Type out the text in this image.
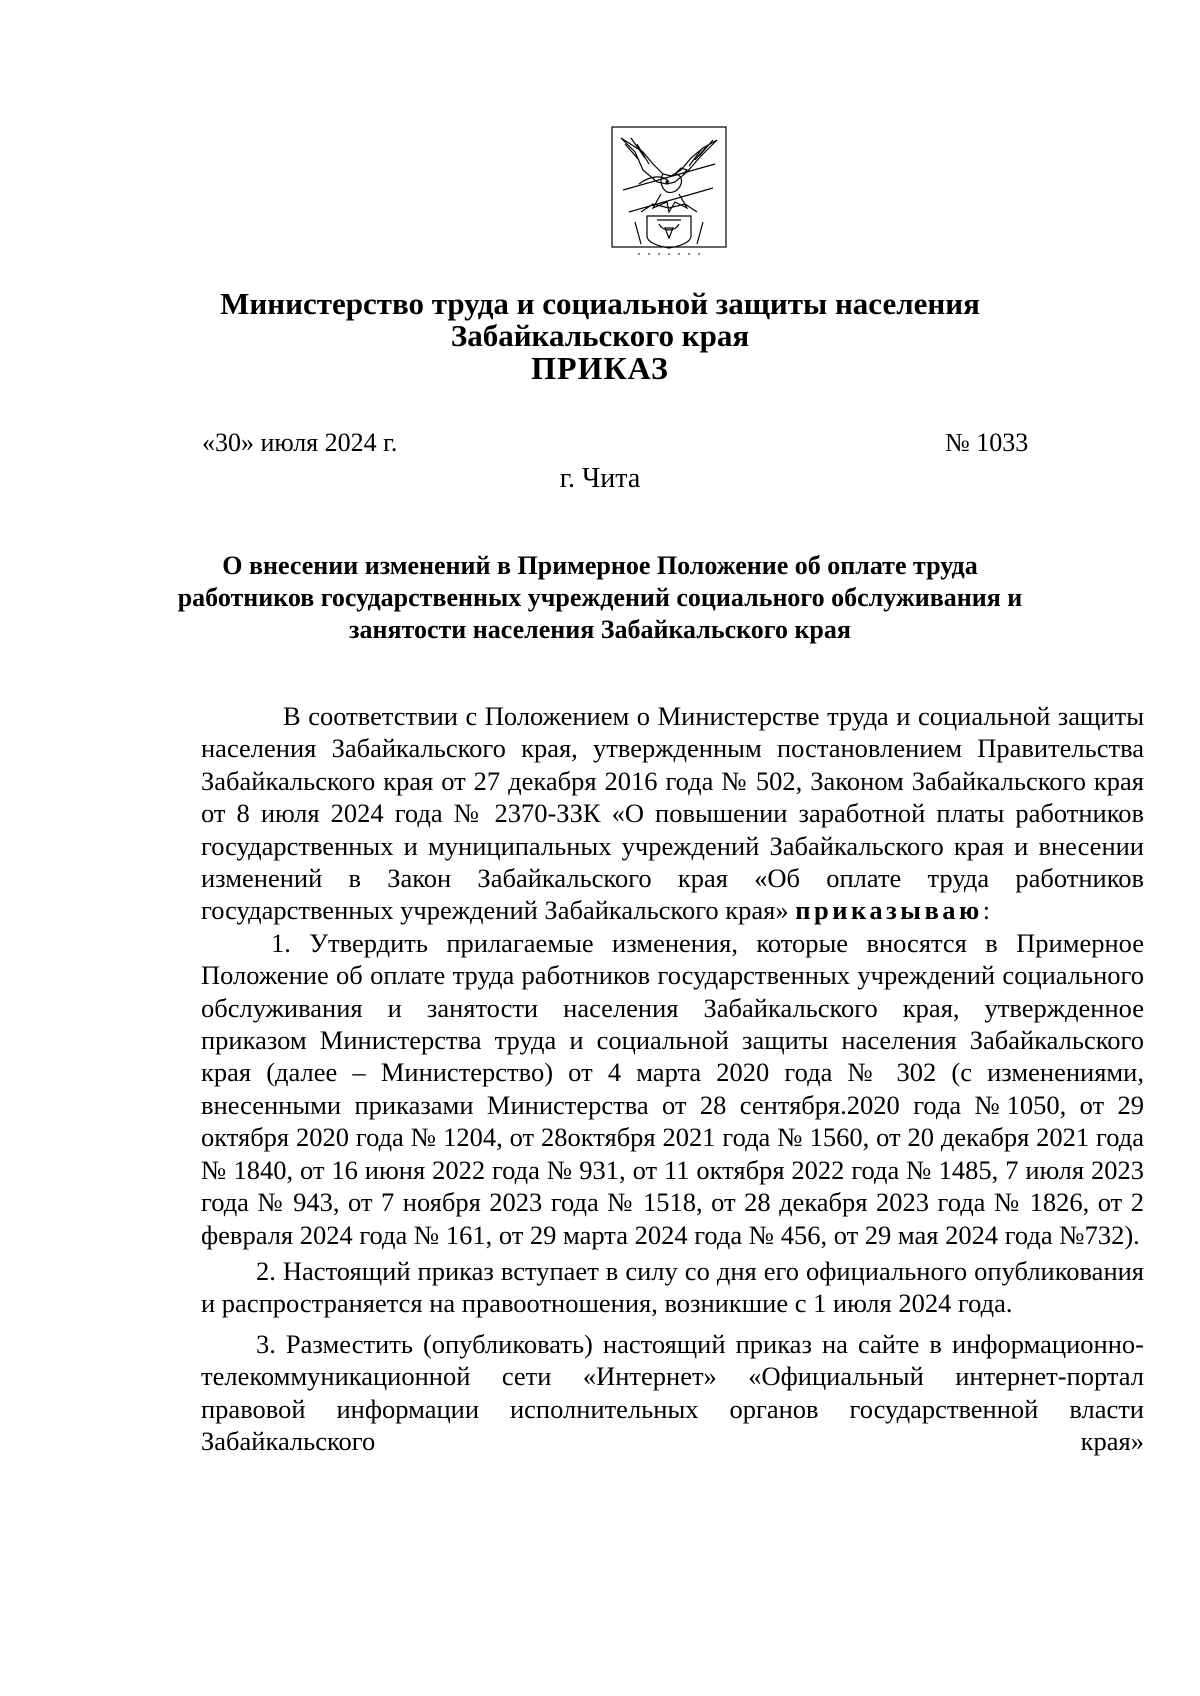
Министерство труда и социальной защиты населения
Забайкальского края
ПРИКАЗ
«30» июля 2024 г.	№ 1033
г. Чита
О внесении изменений в Примерное Положение об оплате труда
работников государственных учреждений социального обслуживания и
занятости населения Забайкальского края

В соответствии с Положением о Министерстве труда и социальной защиты населения Забайкальского края, утвержденным постановлением Правительства Забайкальского края от 27 декабря 2016 года № 502, Законом Забайкальского края от 8 июля 2024 года № 2370-ЗЗК «О повышении заработной платы работников государственных и муниципальных учреждений Забайкальского края и внесении изменений в Закон Забайкальского края «Об оплате труда работников государственных учреждений Забайкальского края» приказываю:

1. Утвердить прилагаемые изменения, которые вносятся в Примерное Положение об оплате труда работников государственных учреждений социального обслуживания и занятости населения Забайкальского края, утвержденное приказом Министерства труда и социальной защиты населения Забайкальского края (далее – Министерство) от 4 марта 2020 года № 302 (с изменениями, внесенными приказами Министерства от 28 сентября.2020 года №1050, от 29 октября 2020 года № 1204, от 28октября 2021 года № 1560, от 20 декабря 2021 года № 1840, от 16 июня 2022 года № 931, от 11 октября 2022 года № 1485, 7 июля 2023 года № 943, от 7 ноября 2023 года № 1518, от 28 декабря 2023 года № 1826, от 2 февраля 2024 года № 161, от 29 марта 2024 года № 456, от 29 мая 2024 года №732).

2. Настоящий приказ вступает в силу со дня его официального опубликования и распространяется на правоотношения, возникшие с 1 июля 2024 года.

3. Разместить (опубликовать) настоящий приказ на сайте в информационно-телекоммуникационной сети «Интернет» «Официальный интернет-портал правовой информации исполнительных органов государственной власти Забайкальского края»
